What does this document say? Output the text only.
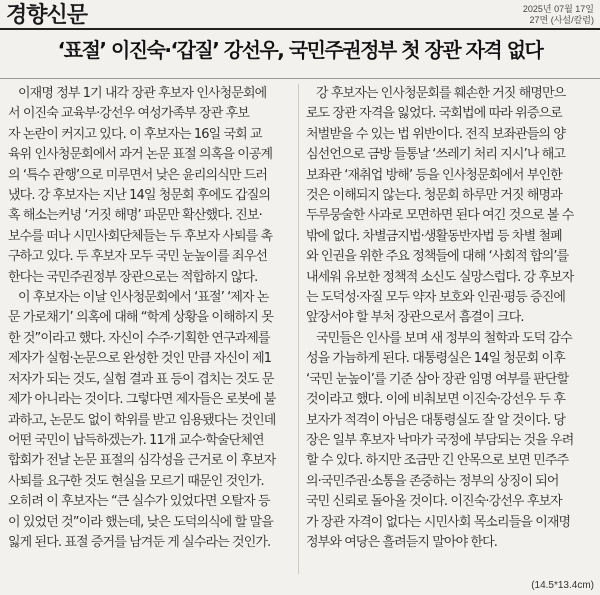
경향신문	2025년 07월 17일
27면 (사설/칼럼)
‘표절’ 이진숙·‘갑질’ 강선우, 국민주권정부 첫 장관 자격 없다
이재명 정부 1기 내각 장관 후보자 인사청문회에
서 이진숙 교육부·강선우 여성가족부 장관 후보
자 논란이 커지고 있다. 이 후보자는 16일 국회 교
육위 인사청문회에서 과거 논문 표절 의혹을 이공계
의 ‘특수 관행’으로 미루면서 낮은 윤리의식만 드러
냈다. 강 후보자는 지난 14일 청문회 후에도 갑질의
혹 해소는커녕 ‘거짓 해명’ 파문만 확산했다. 진보·
보수를 떠나 시민사회단체들는 두 후보자 사퇴를 촉
구하고 있다. 두 후보자 모두 국민 눈높이를 죄우선
한다는 국민주권정부 장관으로는 적합하지 않다.
이 후보자는 이날 인사청문회에서 ‘표절’ ‘제자 논
문 가로채기’ 의혹에 대해 “학계 상황을 이해하지 못
한 것”이라고 했다. 자신이 수주·기획한 연구과제를
제자가 실험·논문으로 완성한 것인 만큼 자신이 제1
저자가 되는 것도, 실험 결과 표 등이 겹치는 것도 문
제가 아니라는 것이다. 그렇다면 제자들은 로봇에 불
과하고, 논문도 없이 학위를 받고 임용됐다는 것인데
어떤 국민이 납득하겠는가. 11개 교수·학술단체연
합회가 전날 논문 표절의 심각성을 근거로 이 후보자
사퇴를 요구한 것도 현실을 모르기 때문인 것인가.
오히려 이 후보자는 “큰 실수가 있었다면 오탈자 등
이 있었던 것”이라 했는데, 낮은 도덕의식에 할 말을
잃게 된다. 표절 증거를 남겨둔 게 실수라는 것인가.
강 후보자는 인사청문회를 훼손한 거짓 해명만으
로도 장관 자격을 잃었다. 국회법에 따라 위증으로
처벌받을 수 있는 법 위반이다. 전직 보좌관들의 양
심선언으로 금방 들통날 ‘쓰레기 처리 지시’나 해고
보좌관 ‘재취업 방해’ 등을 인사청문회에서 부인한
것은 이해되지 않는다. 청문회 하루만 거짓 해명과
두루뭉술한 사과로 모면하면 된다 여긴 것으로 볼 수
밖에 없다. 차별금지법·생활동반자법 등 차별 철폐
와 인권을 위한 주요 정책들에 대해 ‘사회적 합의’를
내세워 유보한 정책적 소신도 실망스럽다. 강 후보자
는 도덕성·자질 모두 약자 보호와 인권·평등 증진에
앞장서야 할 부처 장관으로서 흠결이 크다.
국민들은 인사를 보며 새 정부의 철학과 도덕 감수
성을 가늠하게 된다. 대통령실은 14일 청문회 이후
‘국민 눈높이’를 기준 삼아 장관 임명 여부를 판단할
것이라고 했다. 이에 비춰보면 이진숙·강선우 두 후
보자가 적격이 아님은 대통령실도 잘 알 것이다. 당
장은 일부 후보자 낙마가 국정에 부담되는 것을 우려
할 수 있다. 하지만 조금만 긴 안목으로 보면 민주주
의·국민주권·소통을 존중하는 정부의 상징이 되어
국민 신뢰로 돌아올 것이다. 이진숙·강선우 후보자
가 장관 자격이 없다는 시민사회 목소리들을 이재명
정부와 여당은 흘려듣지 말아야 한다.
(14.5*13.4cm)
